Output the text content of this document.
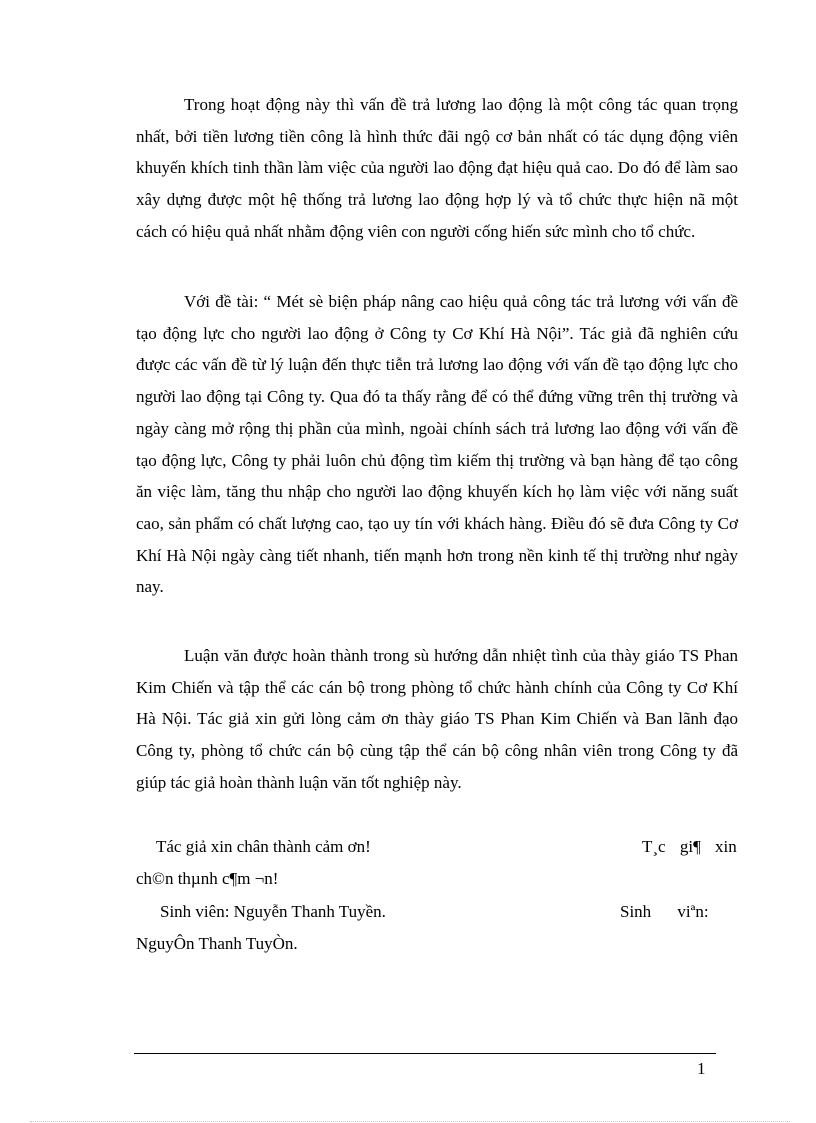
Trong hoạt động này thì vấn đề trả lương lao động là một công tác quan trọng nhất, bởi tiền lương tiền công là hình thức đãi ngộ cơ bản nhất có tác dụng động viên khuyến khích tinh thần làm việc của người lao động đạt hiệu quả cao. Do đó để làm sao xây dựng được một hệ thống trả lương lao động hợp lý và tổ chức thực hiện nã một cách có hiệu quả nhất nhằm động viên con người cống hiến sức mình cho tổ chức.

Với đề tài: “ Mét sè biện pháp nâng cao hiệu quả công tác trả lương với vấn đề tạo động lực cho người lao động ở Công ty Cơ Khí Hà Nội”. Tác giả đã nghiên cứu được các vấn đề từ lý luận đến thực tiễn trả lương lao động với vấn đề tạo động lực cho người lao động tại Công ty. Qua đó ta thấy rằng để có thể đứng vững trên thị trường và ngày càng mở rộng thị phần của mình, ngoài chính sách trả lương lao động với vấn đề tạo động lực, Công ty phải luôn chủ động tìm kiếm thị trường và bạn hàng để tạo công ăn việc làm, tăng thu nhập cho người lao động khuyến kích họ làm việc với năng suất cao, sản phẩm có chất lượng cao, tạo uy tín với khách hàng. Điều đó sẽ đưa Công ty Cơ Khí Hà Nội ngày càng tiết nhanh, tiến mạnh hơn trong nền kinh tế thị trường như ngày nay.

Luận văn được hoàn thành trong sù hướng dẫn nhiệt tình của thày giáo TS Phan Kim Chiến và tập thể các cán bộ trong phòng tổ chức hành chính của Công ty Cơ Khí Hà Nội. Tác giả xin gửi lòng cảm ơn thày giáo TS Phan Kim Chiến và Ban lãnh đạo Công ty, phòng tổ chức cán bộ cùng tập thể cán bộ công nhân viên trong Công ty đã giúp tác giả hoàn thành luận văn tốt nghiệp này.

Tác giả xin chân thành cảm ơn!	T¸c gi¶ xin

ch©n thµnh c¶m ¬n!

Sinh viên: Nguyễn Thanh Tuyền.	Sinh viªn:

NguyÔn Thanh TuyÒn.

1
